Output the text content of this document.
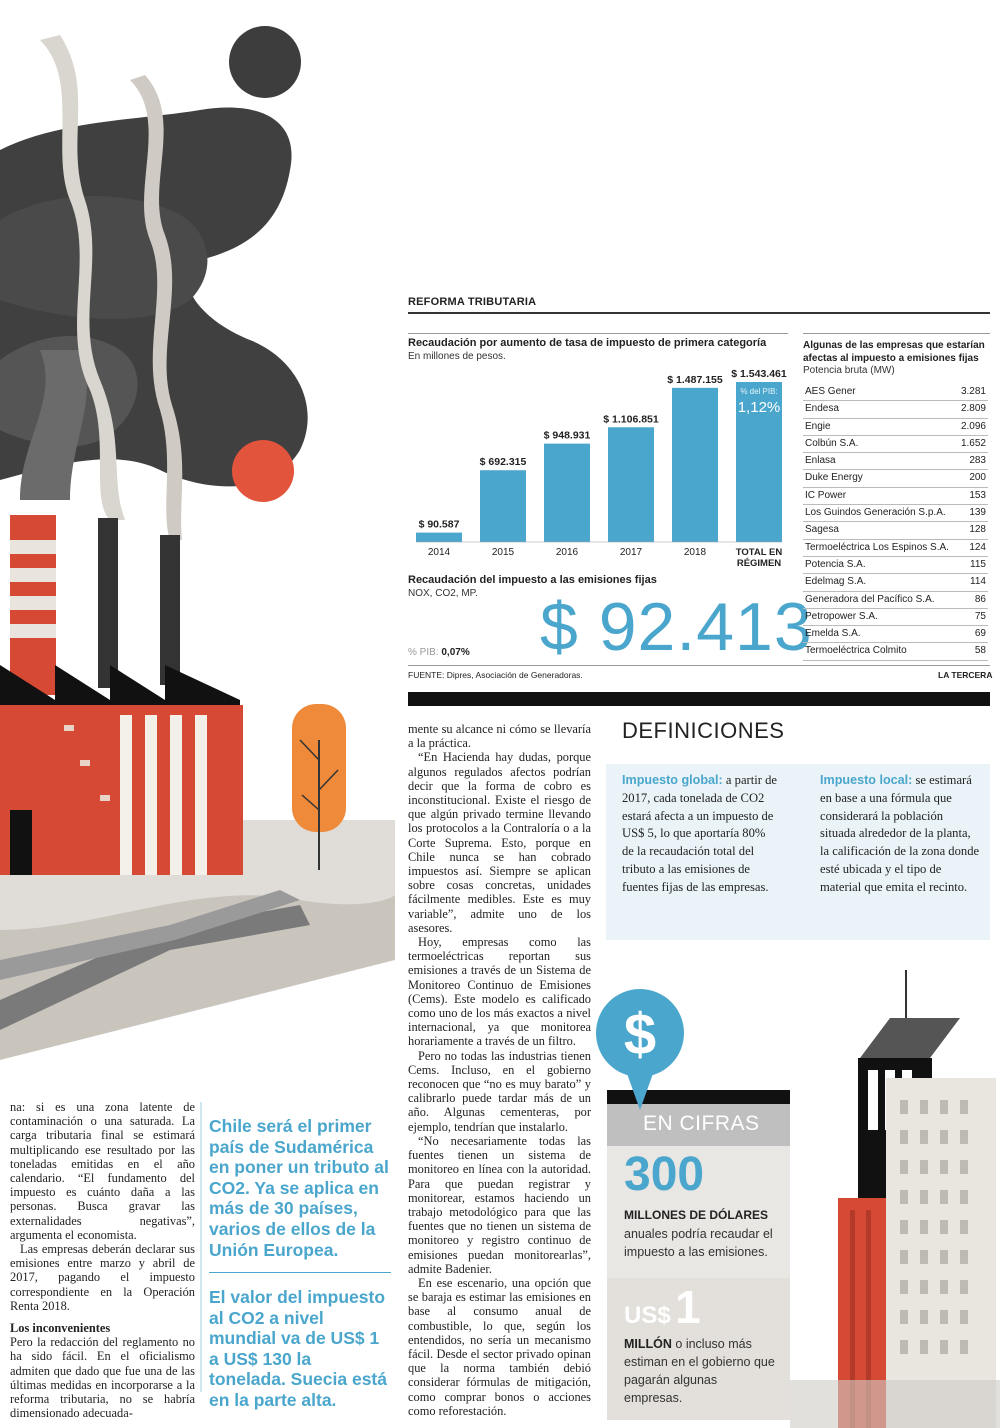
REFORMA TRIBUTARIA
Recaudación por aumento de tasa de impuesto de primera categoría
En millones de pesos.
$ 90.587
2014
$ 692.315
2015
$ 948.931
2016
$ 1.106.851
2017
$ 1.487.155
2018
$ 1.543.461
TOTAL EN
RÉGIMEN
% del PIB:
1,12%
Recaudación del impuesto a las emisiones fijas
NOX, CO2, MP. $ 92.413
% PIB: 0,07%
Algunas de las empresas que estarían afectas al impuesto a emisiones fijas
Potencia bruta (MW)
AES Gener	3.281
Endesa	2.809
Engie	2.096
Colbún S.A.	1.652
Enlasa	283
Duke Energy	200
IC Power	153
Los Guindos Generación S.p.A. 139
Sagesa	128
Termoeléctrica Los Espinos S.A. 124
Potencia S.A.	115
Edelmag S.A.	114
Generadora del Pacífico S.A.	86
Petropower S.A.	75
Emelda S.A.	69
Termoeléctrica Colmito	58
FUENTE: Dipres, Asociación de Generadoras.	LA TERCERA

mente su alcance ni cómo se llevaría a la práctica.

“En Hacienda hay dudas, porque algunos regulados afectos podrían decir que la forma de cobro es inconstitucional. Existe el riesgo de que algún privado termine llevando los protocolos a la Contraloría o a la Corte Suprema. Esto, porque en Chile nunca se han cobrado impuestos así. Siempre se aplican sobre cosas concretas, unidades fácilmente medibles. Este es muy variable”, admite uno de los asesores.

Hoy, empresas como las termoeléctricas reportan sus emisiones a través de un Sistema de Monitoreo Continuo de Emisiones (Cems). Este modelo es calificado como uno de los más exactos a nivel internacional, ya que monitorea horariamente a través de un filtro.

Pero no todas las industrias tienen Cems. Incluso, en el gobierno reconocen que “no es muy barato” y calibrarlo puede tardar más de un año. Algunas cementeras, por ejemplo, tendrían que instalarlo.

“No necesariamente todas las fuentes tienen un sistema de monitoreo en línea con la autoridad. Para que puedan registrar y monitorear, estamos haciendo un trabajo metodológico para que las fuentes que no tienen un sistema de monitoreo y registro continuo de emisiones puedan monitorearlas”, admite Badenier.

En ese escenario, una opción que se baraja es estimar las emisiones en base al consumo anual de combustible, lo que, según los entendidos, no sería un mecanismo fácil. Desde el sector privado opinan que la norma también debió considerar fórmulas de mitigación, como comprar bonos o acciones como reforestación.

na: si es una zona latente de contaminación o una saturada. La carga tributaria final se estimará multiplicando ese resultado por las toneladas emitidas en el año calendario. “El fundamento del impuesto es cuánto daña a las personas. Busca gravar las externalidades negativas”, argumenta el economista.

Las empresas deberán declarar sus emisiones entre marzo y abril de 2017, pagando el impuesto correspondiente en la Operación Renta 2018.

Los inconvenientes

Pero la redacción del reglamento no ha sido fácil. En el oficialismo admiten que dado que fue una de las últimas medidas en incorporarse a la reforma tributaria, no se habría dimensionado adecuada-

Chile será el primer país de Sudamérica en poner un tributo al CO2. Ya se aplica en más de 30 países, varios de ellos de la Unión Europea.
El valor del impuesto al CO2 a nivel mundial va de US$ 1 a US$ 130 la tonelada. Suecia está en la parte alta.
DEFINICIONES
Impuesto global: a partir de 2017, cada tonelada de CO2 estará afecta a un impuesto de US$ 5, lo que aportaría 80% de la recaudación total del tributo a las emisiones de fuentes fijas de las empresas.
Impuesto local: se estimará en base a una fórmula que considerará la población situada alrededor de la planta, la calificación de la zona donde esté ubicada y el tipo de material que emita el recinto.
EN CIFRAS
$
300
MILLONES DE DÓLARES
anuales podría recaudar el impuesto a las emisiones.
US$ 1
MILLÓN o incluso más estiman en el gobierno que pagarán algunas empresas.
